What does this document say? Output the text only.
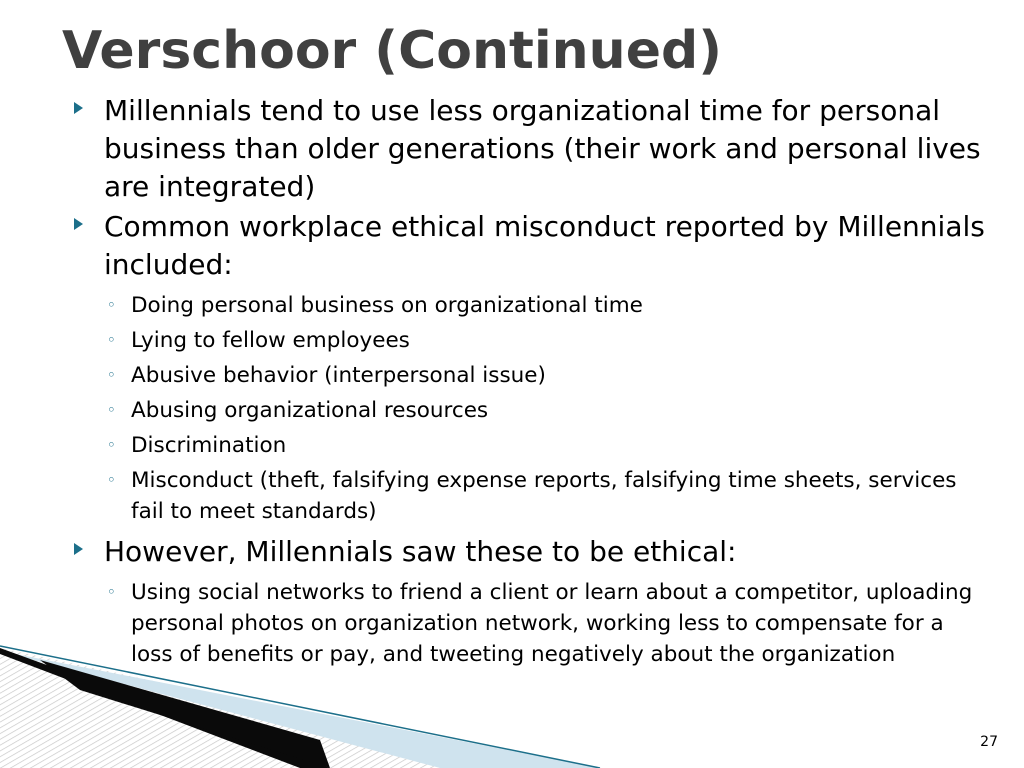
Verschoor (Continued)
Millennials tend to use less organizational time for personal business than older generations (their work and personal lives are integrated)
Common workplace ethical misconduct reported by Millennials included:
◦ Doing personal business on organizational time
◦ Lying to fellow employees
◦ Abusive behavior (interpersonal issue)
◦ Abusing organizational resources
◦ Discrimination
◦ Misconduct (theft, falsifying expense reports, falsifying time sheets, services fail to meet standards)
However, Millennials saw these to be ethical:
◦ Using social networks to friend a client or learn about a competitor, uploading personal photos on organization network, working less to compensate for a loss of benefits or pay, and tweeting negatively about the organization
27
